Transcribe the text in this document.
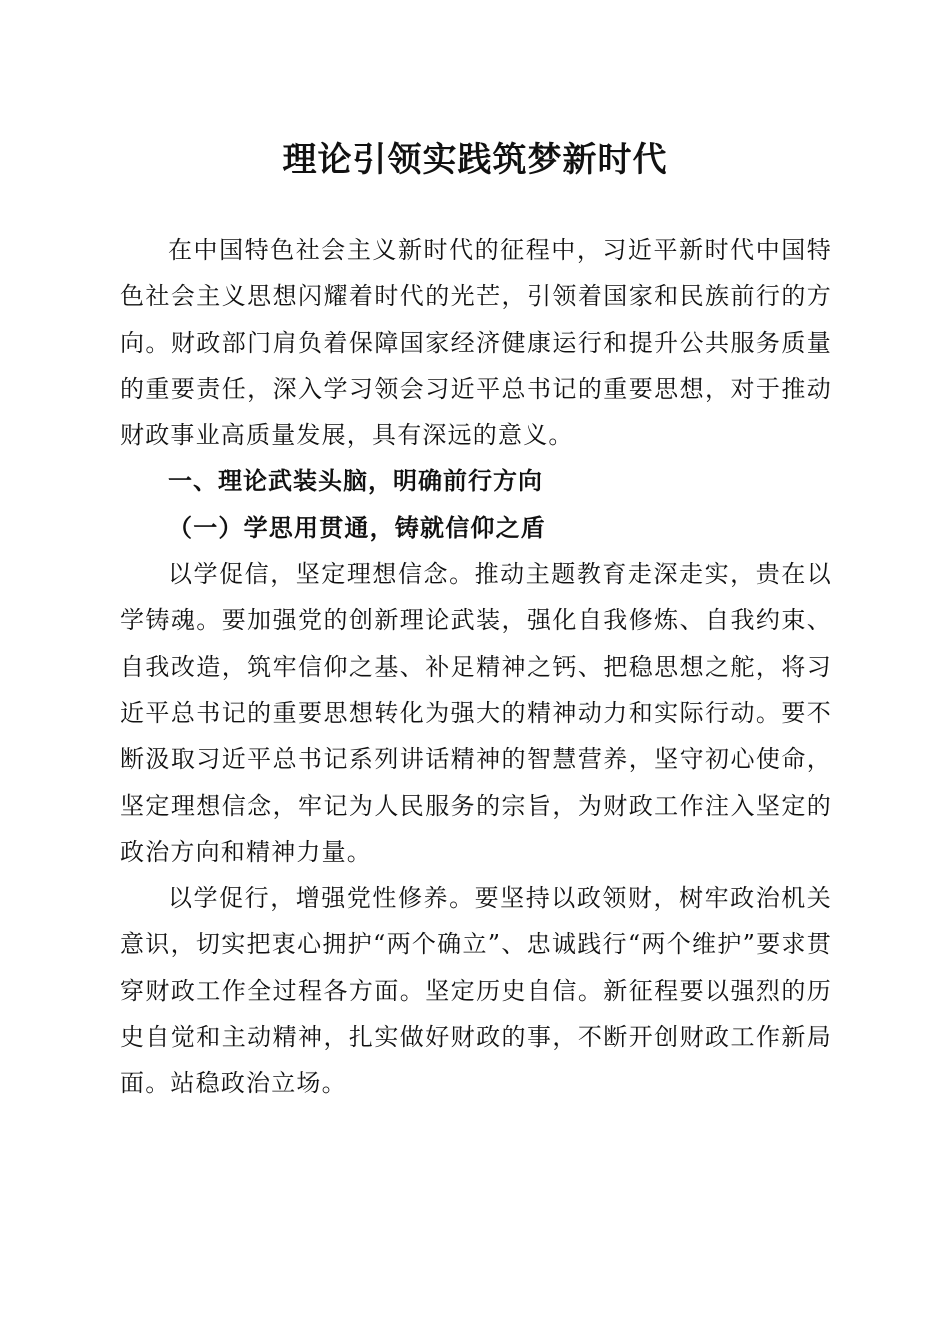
理论引领实践筑梦新时代

在中国特色社会主义新时代的征程中，习近平新时代中国特色社会主义思想闪耀着时代的光芒，引领着国家和民族前行的方向。财政部门肩负着保障国家经济健康运行和提升公共服务质量的重要责任，深入学习领会习近平总书记的重要思想，对于推动财政事业高质量发展，具有深远的意义。

一、理论武装头脑，明确前行方向

（一）学思用贯通，铸就信仰之盾

以学促信，坚定理想信念。推动主题教育走深走实，贵在以学铸魂。要加强党的创新理论武装，强化自我修炼、自我约束、自我改造，筑牢信仰之基、补足精神之钙、把稳思想之舵，将习近平总书记的重要思想转化为强大的精神动力和实际行动。要不断汲取习近平总书记系列讲话精神的智慧营养，坚守初心使命，坚定理想信念，牢记为人民服务的宗旨，为财政工作注入坚定的政治方向和精神力量。

以学促行，增强党性修养。要坚持以政领财，树牢政治机关意识，切实把衷心拥护“两个确立”、忠诚践行“两个维护”要求贯穿财政工作全过程各方面。坚定历史自信。新征程要以强烈的历史自觉和主动精神，扎实做好财政的事，不断开创财政工作新局面。站稳政治立场。
